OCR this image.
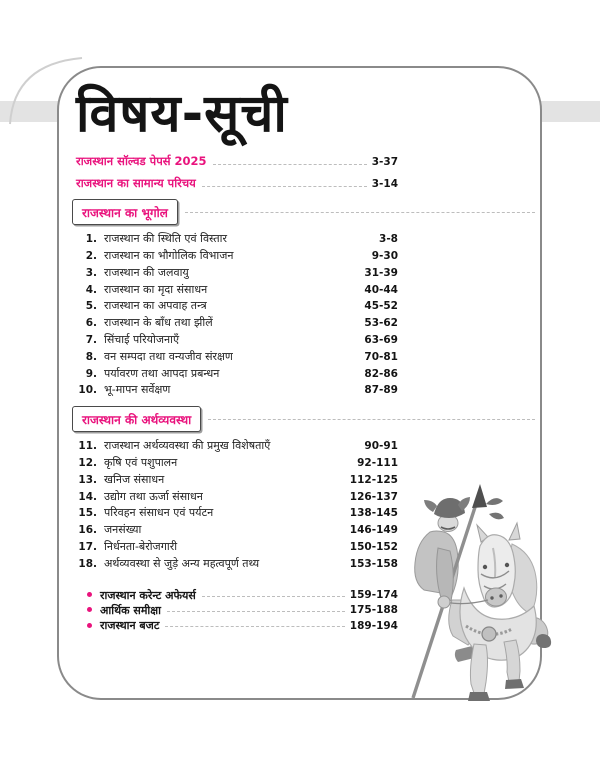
विषय-सूची
राजस्थान सॉल्वड पेपर्स 2025	3-37
राजस्थान का सामान्य परिचय	3-14
राजस्थान का भूगोल
1. राजस्थान की स्थिति एवं विस्तार	3-8
2. राजस्थान का भौगोलिक विभाजन	9-30
3. राजस्थान की जलवायु	31-39
4. राजस्थान का मृदा संसाधन	40-44
5. राजस्थान का अपवाह तन्त्र	45-52
6. राजस्थान के बाँध तथा झीलें	53-62
7. सिंचाई परियोजनाएँ	63-69
8. वन सम्पदा तथा वन्यजीव संरक्षण	70-81
9. पर्यावरण तथा आपदा प्रबन्धन	82-86
10. भू-मापन सर्वेक्षण	87-89
राजस्थान की अर्थव्यवस्था
11. राजस्थान अर्थव्यवस्था की प्रमुख विशेषताएँ	90-91
12. कृषि एवं पशुपालन	92-111
13. खनिज संसाधन	112-125
14. उद्योग तथा ऊर्जा संसाधन	126-137
15. परिवहन संसाधन एवं पर्यटन	138-145
16. जनसंख्या	146-149
17. निर्धनता-बेरोजगारी	150-152
18. अर्थव्यवस्था से जुड़े अन्य महत्वपूर्ण तथ्य	153-158
राजस्थान करेन्ट अफेयर्स	159-174
आर्थिक समीक्षा	175-188
राजस्थान बजट	189-194
